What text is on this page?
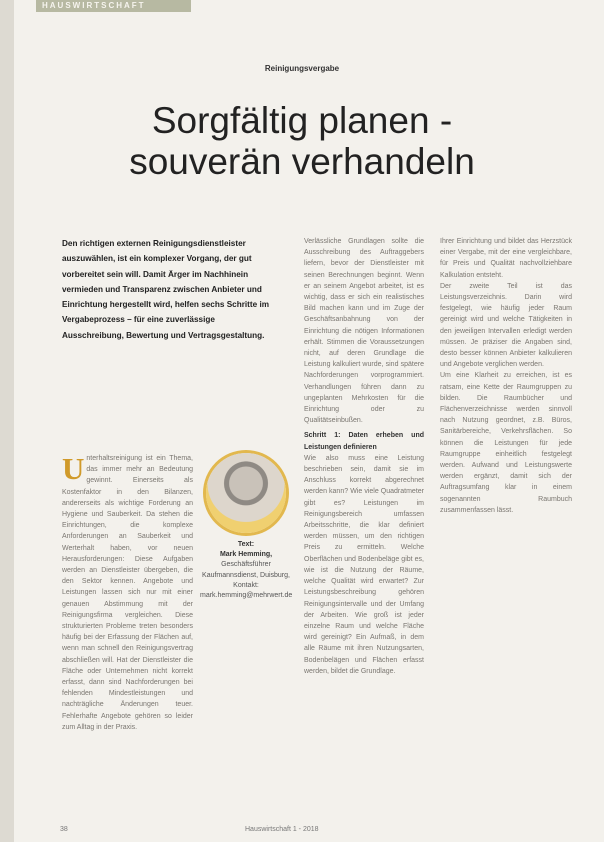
HAUSWIRTSCHAFT
Reinigungsvergabe
Sorgfältig planen -
souverän verhandeln
Den richtigen externen Reinigungsdienstleister auszuwählen, ist ein komplexer Vorgang, der gut vorbereitet sein will. Damit Ärger im Nachhinein vermieden und Transparenz zwischen Anbieter und Einrichtung hergestellt wird, helfen sechs Schritte im Vergabeprozess – für eine zuverlässige Ausschreibung, Bewertung und Vertragsgestaltung.

Unterhaltsreinigung ist ein Thema, das immer mehr an Bedeutung gewinnt. Einerseits als Kostenfaktor in den Bilanzen, andererseits als wichtige Forderung an Hygiene und Sauberkeit. Da stehen die Einrichtungen, die komplexe Anforderungen an Sauberkeit und Werterhalt haben, vor neuen Herausforderungen: Diese Aufgaben werden an Dienstleister übergeben, die den Sektor kennen. Angebote und Leistungen lassen sich nur mit einer genauen Abstimmung mit der Reinigungsfirma vergleichen. Diese strukturierten Probleme treten besonders häufig bei der Erfassung der Flächen auf, wenn man schnell den Reinigungsvertrag abschließen will. Hat der Dienstleister die Fläche oder Unternehmen nicht korrekt erfasst, dann sind Nachforderungen bei fehlenden Mindestleistungen und nachträgliche Änderungen teuer. Fehlerhafte Angebote gehören so leider zum Alltag in der Praxis.

Text:
Mark Hemming,
Geschäftsführer Kaufmannsdienst, Duisburg, Kontakt: mark.hemming@mehrwert.de

Verlässliche Grundlagen sollte die Ausschreibung des Auftraggebers liefern, bevor der Dienstleister mit seinen Berechnungen beginnt. Wenn er an seinem Angebot arbeitet, ist es wichtig, dass er sich ein realistisches Bild machen kann und im Zuge der Geschäftsanbahnung von der Einrichtung die nötigen Informationen erhält. Stimmen die Voraussetzungen nicht, auf deren Grundlage die Leistung kalkuliert wurde, sind spätere Nachforderungen vorprogrammiert. Verhandlungen führen dann zu ungeplanten Mehrkosten für die Einrichtung oder zu Qualitätseinbußen.

Schritt 1: Daten erheben und Leistungen definieren

Wie also muss eine Leistung beschrieben sein, damit sie im Anschluss korrekt abgerechnet werden kann? Wie viele Quadratmeter gibt es? Leistungen im Reinigungsbereich umfassen Arbeitsschritte, die klar definiert werden müssen, um den richtigen Preis zu ermitteln. Welche Oberflächen und Bodenbeläge gibt es, wie ist die Nutzung der Räume, welche Qualität wird erwartet? Zur Leistungsbeschreibung gehören Reinigungsintervalle und der Umfang der Arbeiten. Wie groß ist jeder einzelne Raum und welche Fläche wird gereinigt? Ein Aufmaß, in dem alle Räume mit ihren Nutzungsarten, Bodenbelägen und Flächen erfasst werden, bildet die Grundlage.

Ihrer Einrichtung und bildet das Herzstück einer Vergabe, mit der eine vergleichbare, für Preis und Qualität nachvollziehbare Kalkulation entsteht.

Der zweite Teil ist das Leistungsverzeichnis. Darin wird festgelegt, wie häufig jeder Raum gereinigt wird und welche Tätigkeiten in den jeweiligen Intervallen erledigt werden müssen. Je präziser die Angaben sind, desto besser können Anbieter kalkulieren und Angebote verglichen werden.

Um eine Klarheit zu erreichen, ist es ratsam, eine Kette der Raumgruppen zu bilden. Die Raumbücher und Flächenverzeichnisse werden sinnvoll nach Nutzung geordnet, z.B. Büros, Sanitärbereiche, Verkehrsflächen. So können die Leistungen für jede Raumgruppe einheitlich festgelegt werden. Aufwand und Leistungswerte werden ergänzt, damit sich der Auftragsumfang klar in einem sogenannten Raumbuch zusammenfassen lässt.

38	Hauswirtschaft 1 - 2018
